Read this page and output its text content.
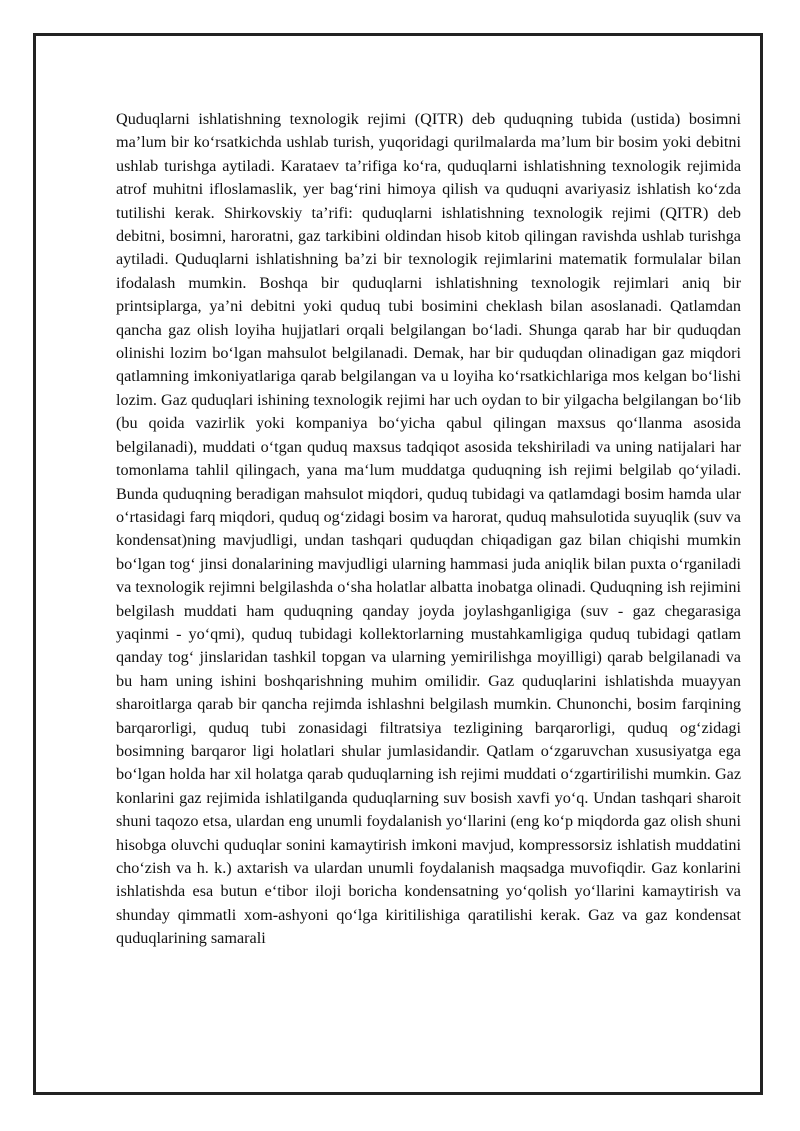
Quduqlarni ishlatishning texnologik rejimi (QITR) deb quduqning tubida (ustida) bosimni ma’lum bir ko‘rsatkichda ushlab turish, yuqoridagi qurilmalarda ma’lum bir bosim yoki debitni ushlab turishga aytiladi. Karataev ta’rifiga ko‘ra, quduqlarni ishlatishning texnologik rejimida atrof muhitni ifloslamaslik, yer bag‘rini himoya qilish va quduqni avariyasiz ishlatish ko‘zda tutilishi kerak. Shirkovskiy ta’rifi: quduqlarni ishlatishning texnologik rejimi (QITR) deb debitni, bosimni, haroratni, gaz tarkibini oldindan hisob kitob qilingan ravishda ushlab turishga aytiladi. Quduqlarni ishlatishning ba’zi bir texnologik rejimlarini matematik formulalar bilan ifodalash mumkin. Boshqa bir quduqlarni ishlatishning texnologik rejimlari aniq bir printsiplarga, ya’ni debitni yoki quduq tubi bosimini cheklash bilan asoslanadi. Qatlamdan qancha gaz olish loyiha hujjatlari orqali belgilangan bo‘ladi. Shunga qarab har bir quduqdan olinishi lozim bo‘lgan mahsulot belgilanadi. Demak, har bir quduqdan olinadigan gaz miqdori qatlamning imkoniyatlariga qarab belgilangan va u loyiha ko‘rsatkichlariga mos kelgan bo‘lishi lozim. Gaz quduqlari ishining texnologik rejimi har uch oydan to bir yilgacha belgilangan bo‘lib (bu qoida vazirlik yoki kompaniya bo‘yicha qabul qilingan maxsus qo‘llanma asosida belgilanadi), muddati o‘tgan quduq maxsus tadqiqot asosida tekshiriladi va uning natijalari har tomonlama tahlil qilingach, yana ma‘lum muddatga quduqning ish rejimi belgilab qo‘yiladi. Bunda quduqning beradigan mahsulot miqdori, quduq tubidagi va qatlamdagi bosim hamda ular o‘rtasidagi farq miqdori, quduq og‘zidagi bosim va harorat, quduq mahsulotida suyuqlik (suv va kondensat)ning mavjudligi, undan tashqari quduqdan chiqadigan gaz bilan chiqishi mumkin bo‘lgan tog‘ jinsi donalarining mavjudligi ularning hammasi juda aniqlik bilan puxta o‘rganiladi va texnologik rejimni belgilashda o‘sha holatlar albatta inobatga olinadi. Quduqning ish rejimini belgilash muddati ham quduqning qanday joyda joylashganligiga (suv - gaz chegarasiga yaqinmi - yo‘qmi), quduq tubidagi kollektorlarning mustahkamligiga quduq tubidagi qatlam qanday tog‘ jinslaridan tashkil topgan va ularning yemirilishga moyilligi) qarab belgilanadi va bu ham uning ishini boshqarishning muhim omilidir. Gaz quduqlarini ishlatishda muayyan sharoitlarga qarab bir qancha rejimda ishlashni belgilash mumkin. Chunonchi, bosim farqining barqarorligi, quduq tubi zonasidagi filtratsiya tezligining barqarorligi, quduq og‘zidagi bosimning barqaror ligi holatlari shular jumlasidandir. Qatlam o‘zgaruvchan xususiyatga ega bo‘lgan holda har xil holatga qarab quduqlarning ish rejimi muddati o‘zgartirilishi mumkin. Gaz konlarini gaz rejimida ishlatilganda quduqlarning suv bosish xavfi yo‘q. Undan tashqari sharoit shuni taqozo etsa, ulardan eng unumli foydalanish yo‘llarini (eng ko‘p miqdorda gaz olish shuni hisobga oluvchi quduqlar sonini kamaytirish imkoni mavjud, kompressorsiz ishlatish muddatini cho‘zish va h. k.) axtarish va ulardan unumli foydalanish maqsadga muvofiqdir. Gaz konlarini ishlatishda esa butun e‘tibor iloji boricha kondensatning yo‘qolish yo‘llarini kamaytirish va shunday qimmatli xom-ashyoni qo‘lga kiritilishiga qaratilishi kerak. Gaz va gaz kondensat quduqlarining samarali
